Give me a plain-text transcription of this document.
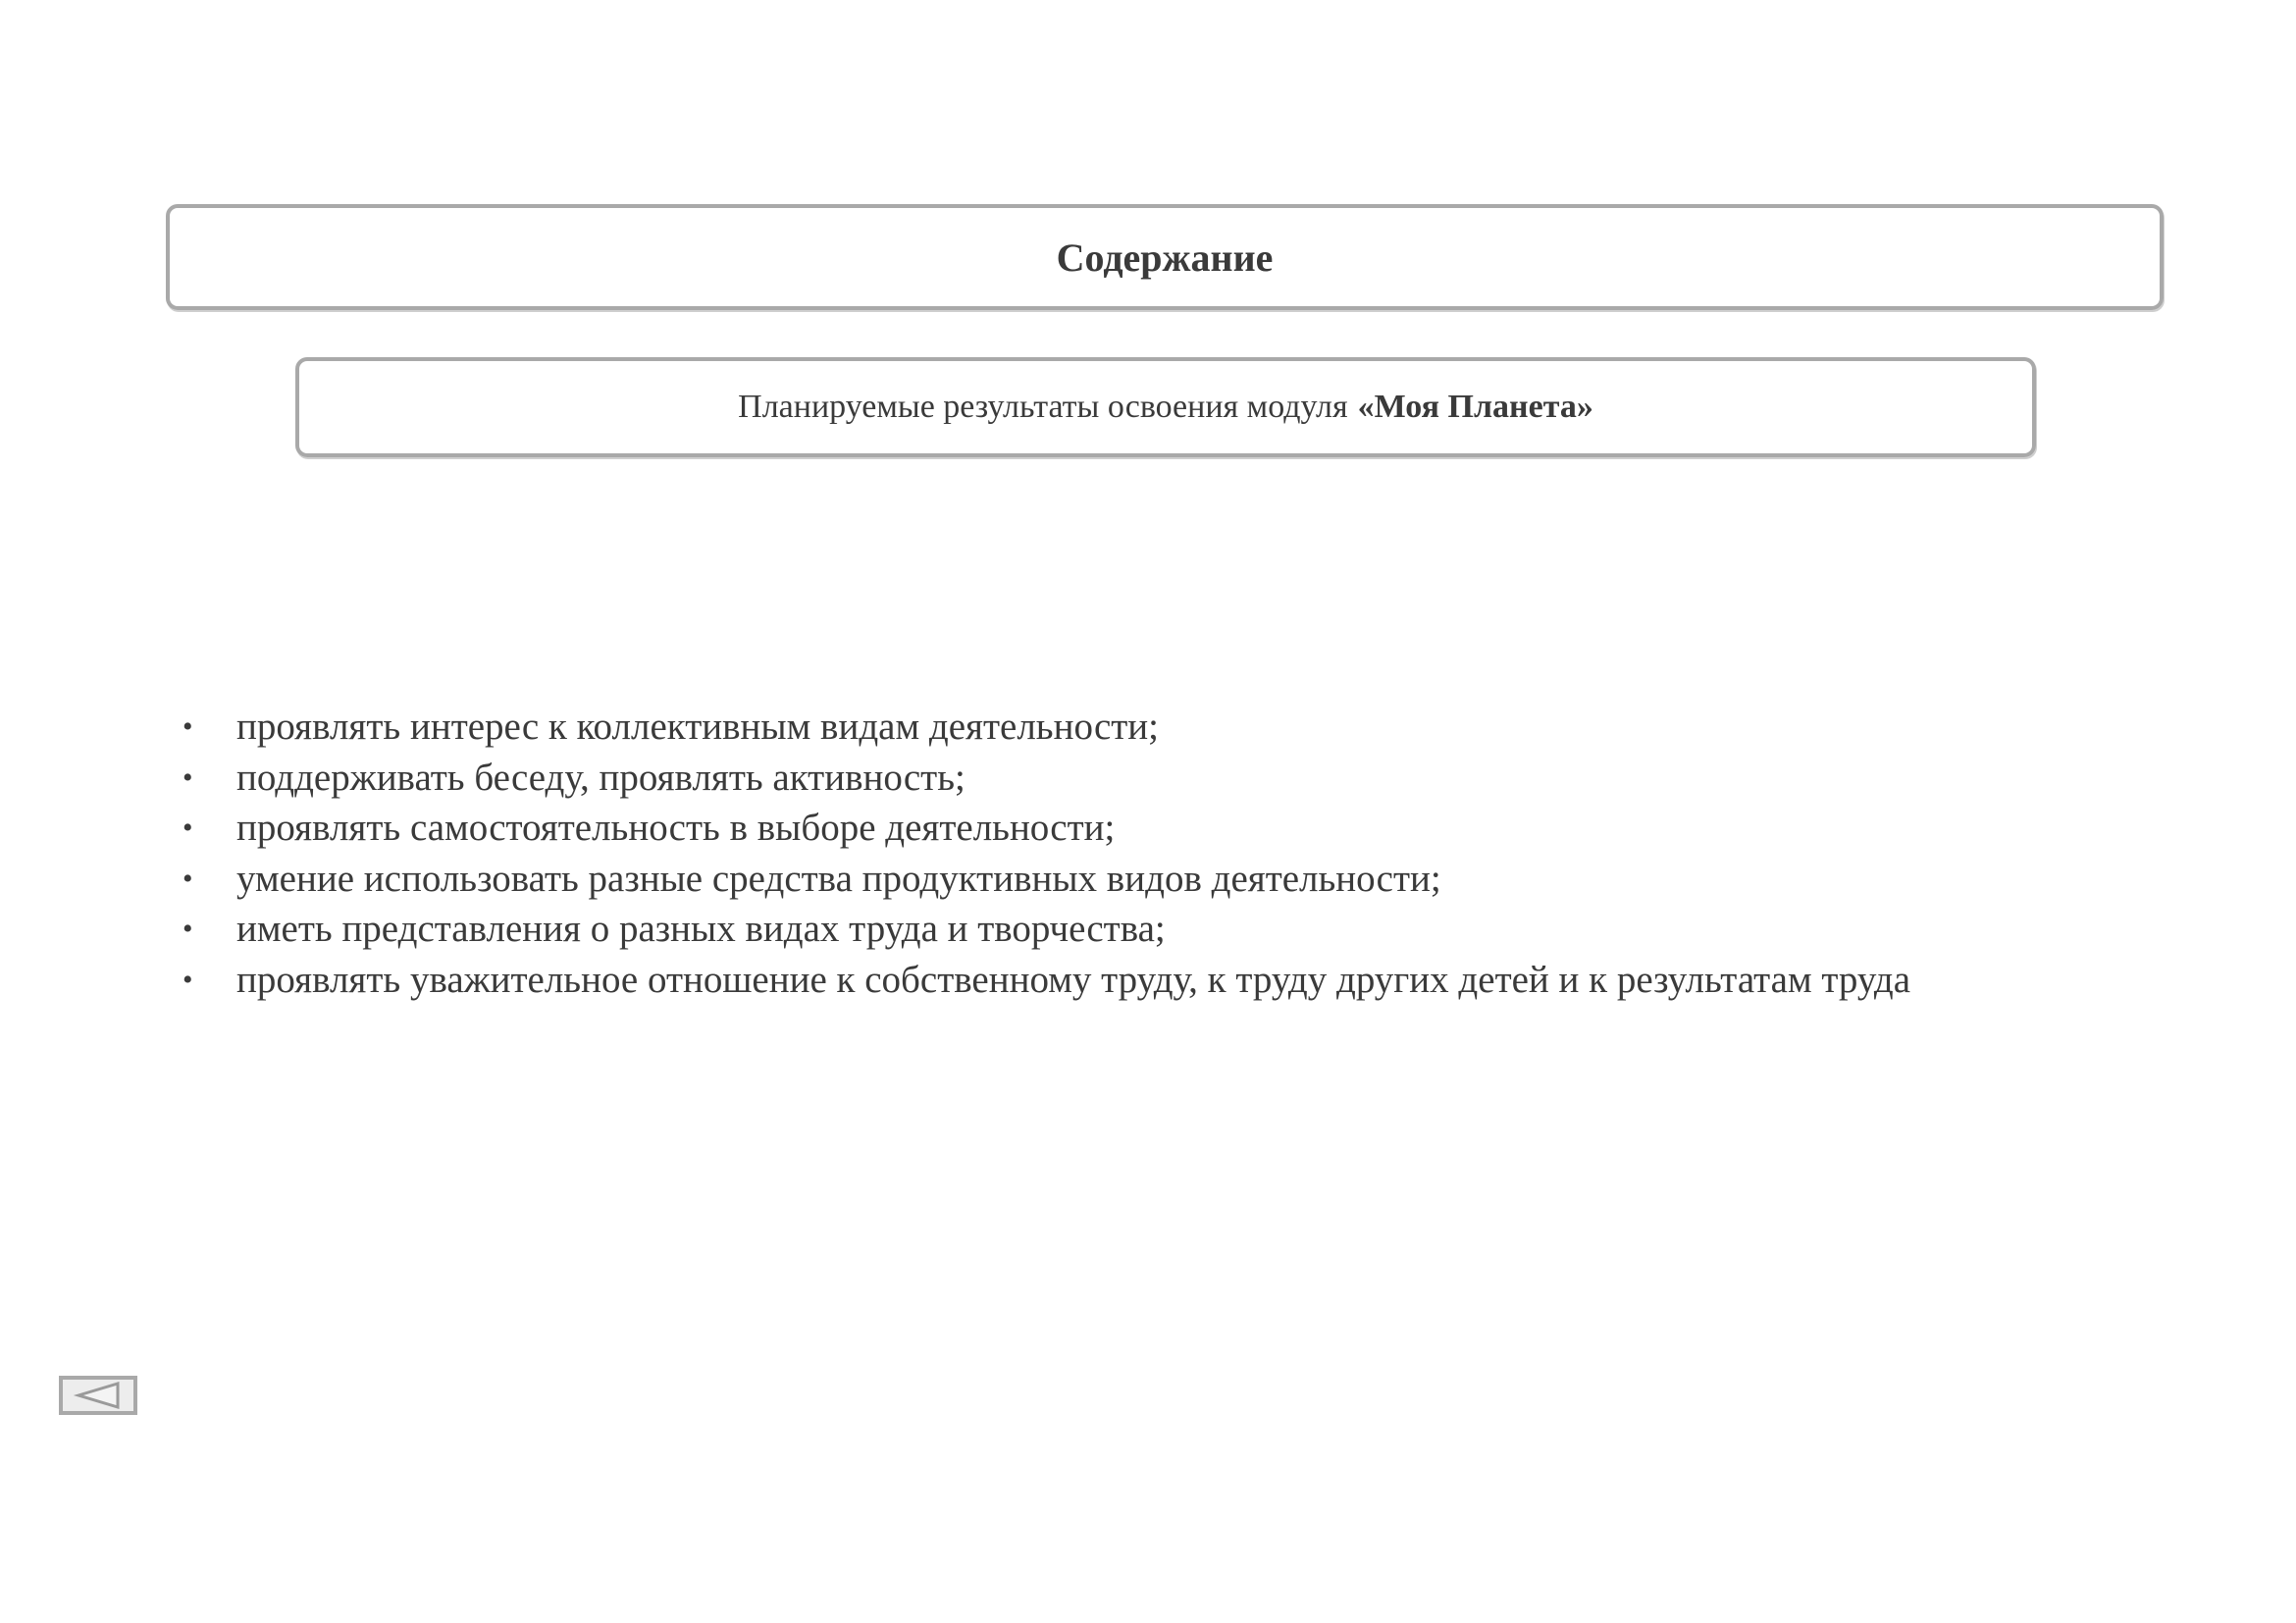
Содержание
Планируемые результаты освоения модуля «Моя Планета»
• проявлять интерес к коллективным видам деятельности;
• поддерживать беседу, проявлять активность;
• проявлять самостоятельность в выборе деятельности;
• умение использовать разные средства продуктивных видов деятельности;
• иметь представления о разных видах труда и творчества;
• проявлять уважительное отношение к собственному труду, к труду других детей и к результатам труда
